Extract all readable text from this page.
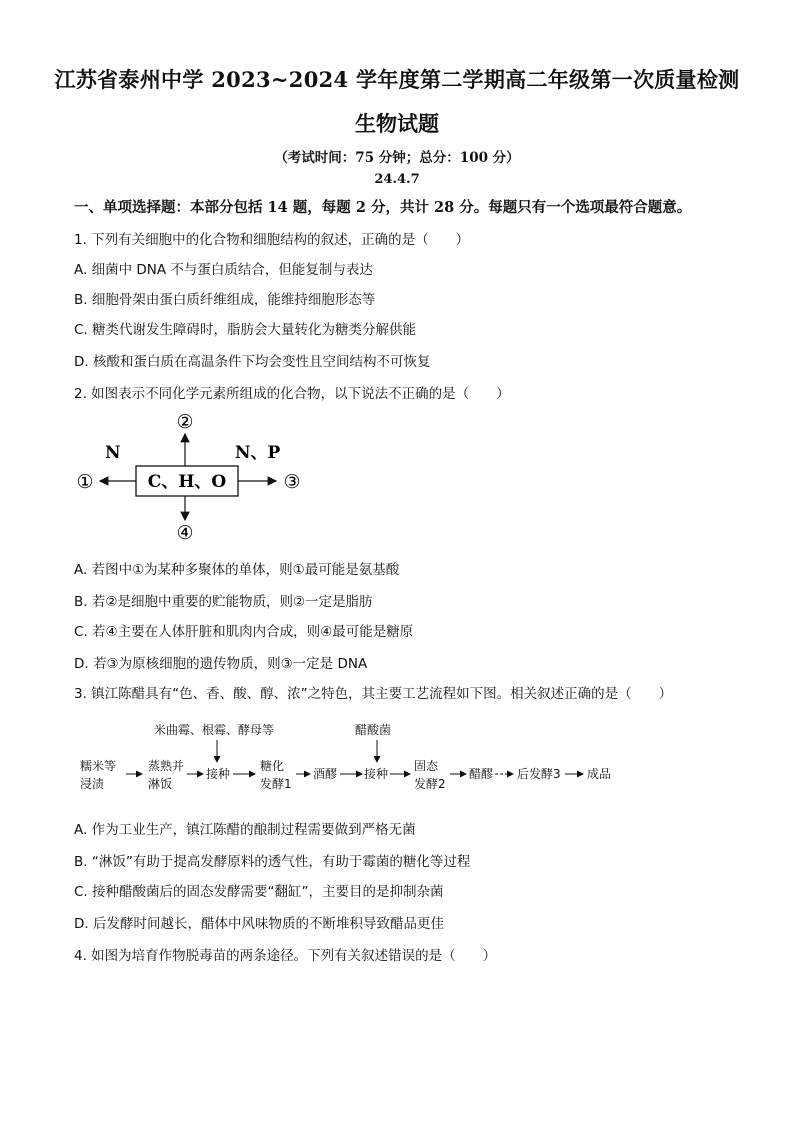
江苏省泰州中学 2023~2024 学年度第二学期高二年级第一次质量检测
生物试题
（考试时间：75 分钟；总分：100 分）
24.4.7
一、单项选择题：本部分包括 14 题，每题 2 分，共计 28 分。每题只有一个选项最符合题意。
1. 下列有关细胞中的化合物和细胞结构的叙述，正确的是（　　）
A. 细菌中 DNA 不与蛋白质结合，但能复制与表达
B. 细胞骨架由蛋白质纤维组成，能维持细胞形态等
C. 糖类代谢发生障碍时，脂肪会大量转化为糖类分解供能
D. 核酸和蛋白质在高温条件下均会变性且空间结构不可恢复
2. 如图表示不同化学元素所组成的化合物，以下说法不正确的是（　　）
C、H、O
N	N、P
①
②
③
④
A. 若图中①为某种多聚体的单体，则①最可能是氨基酸
B. 若②是细胞中重要的贮能物质，则②一定是脂肪
C. 若④主要在人体肝脏和肌肉内合成，则④最可能是糖原
D. 若③为原核细胞的遗传物质，则③一定是 DNA
3. 镇江陈醋具有“色、香、酸、醇、浓”之特色，其主要工艺流程如下图。相关叙述正确的是（　　）
米曲霉、根霉、酵母等	醋酸菌
糯米等
浸渍
蒸熟并
淋饭
接种
糖化
发酵1
酒醪 接种
固态
发酵2
醋醪 后发酵3 成品
A. 作为工业生产，镇江陈醋的酿制过程需要做到严格无菌
B. “淋饭”有助于提高发酵原料的透气性，有助于霉菌的糖化等过程
C. 接种醋酸菌后的固态发酵需要“翻缸”，主要目的是抑制杂菌
D. 后发酵时间越长，醋体中风味物质的不断堆积导致醋品更佳
4. 如图为培育作物脱毒苗的两条途径。下列有关叙述错误的是（　　）
